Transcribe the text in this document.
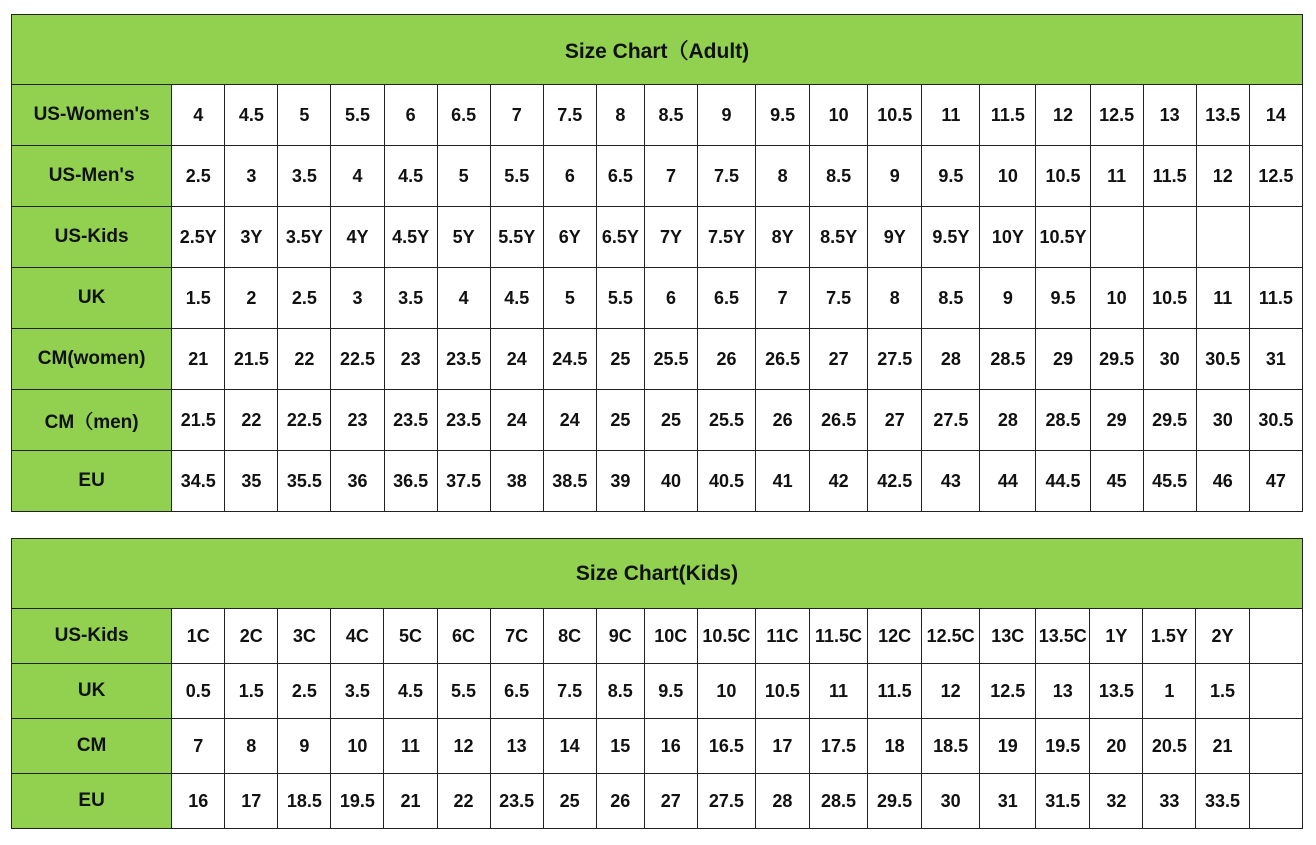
Size Chart（Adult)																					
US-Women's	4	4.5	5	5.5	6	6.5	7	7.5	8	8.5	9	9.5	10	10.5	11	11.5	12	12.5	13	13.5	14
US-Men's	2.5	3	3.5	4	4.5	5	5.5	6	6.5	7	7.5	8	8.5	9	9.5	10	10.5	11	11.5	12	12.5
US-Kids	2.5Y	3Y	3.5Y	4Y	4.5Y	5Y	5.5Y	6Y	6.5Y	7Y	7.5Y	8Y	8.5Y	9Y	9.5Y	10Y	10.5Y				
UK	1.5	2	2.5	3	3.5	4	4.5	5	5.5	6	6.5	7	7.5	8	8.5	9	9.5	10	10.5	11	11.5
CM(women)	21	21.5	22	22.5	23	23.5	24	24.5	25	25.5	26	26.5	27	27.5	28	28.5	29	29.5	30	30.5	31
CM（men)	21.5	22	22.5	23	23.5	23.5	24	24	25	25	25.5	26	26.5	27	27.5	28	28.5	29	29.5	30	30.5
EU	34.5	35	35.5	36	36.5	37.5	38	38.5	39	40	40.5	41	42	42.5	43	44	44.5	45	45.5	46	47
Size Chart(Kids)																					
US-Kids	1C	2C	3C	4C	5C	6C	7C	8C	9C	10C	10.5C	11C	11.5C	12C	12.5C	13C	13.5C	1Y	1.5Y	2Y	
UK	0.5	1.5	2.5	3.5	4.5	5.5	6.5	7.5	8.5	9.5	10	10.5	11	11.5	12	12.5	13	13.5	1	1.5	
CM	7	8	9	10	11	12	13	14	15	16	16.5	17	17.5	18	18.5	19	19.5	20	20.5	21	
EU	16	17	18.5	19.5	21	22	23.5	25	26	27	27.5	28	28.5	29.5	30	31	31.5	32	33	33.5	
